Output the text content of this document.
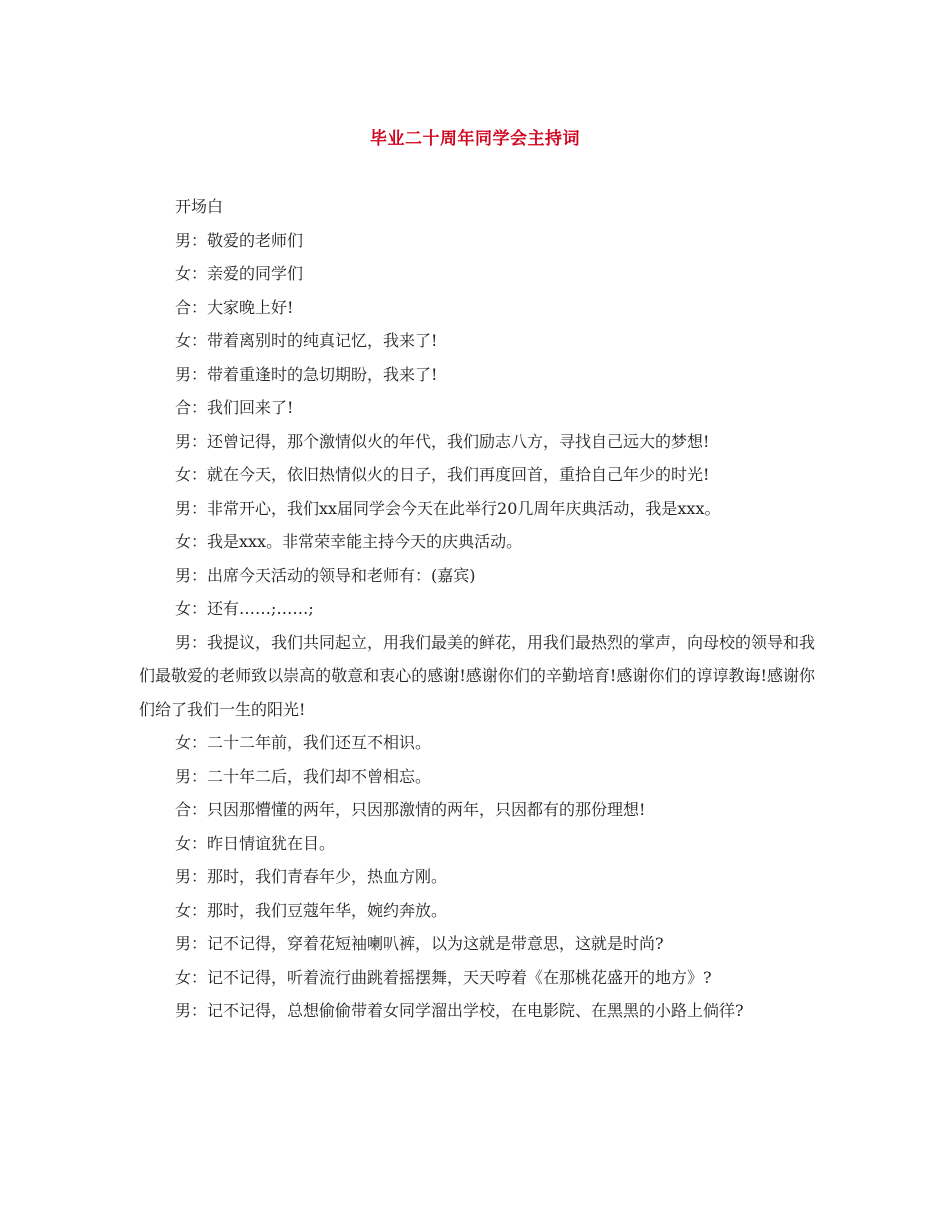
毕业二十周年同学会主持词

开场白

男：敬爱的老师们

女：亲爱的同学们

合：大家晚上好!

女：带着离别时的纯真记忆，我来了!

男：带着重逢时的急切期盼，我来了!

合：我们回来了!

男：还曾记得，那个激情似火的年代，我们励志八方，寻找自己远大的梦想!

女：就在今天，依旧热情似火的日子，我们再度回首，重拾自己年少的时光!

男：非常开心，我们xx届同学会今天在此举行20几周年庆典活动，我是xxx。

女：我是xxx。非常荣幸能主持今天的庆典活动。

男：出席今天活动的领导和老师有：(嘉宾)

女：还有……;……;

男：我提议，我们共同起立，用我们最美的鲜花，用我们最热烈的掌声，向母校的领导和我们最敬爱的老师致以崇高的敬意和衷心的感谢!感谢你们的辛勤培育!感谢你们的谆谆教诲!感谢你们给了我们一生的阳光!

女：二十二年前，我们还互不相识。

男：二十年二后，我们却不曾相忘。

合：只因那懵懂的两年，只因那激情的两年，只因都有的那份理想!

女：昨日情谊犹在目。

男：那时，我们青春年少，热血方刚。

女：那时，我们豆蔻年华，婉约奔放。

男：记不记得，穿着花短袖喇叭裤，以为这就是带意思，这就是时尚?

女：记不记得，听着流行曲跳着摇摆舞，天天哼着《在那桃花盛开的地方》?

男：记不记得，总想偷偷带着女同学溜出学校，在电影院、在黑黑的小路上倘徉?
